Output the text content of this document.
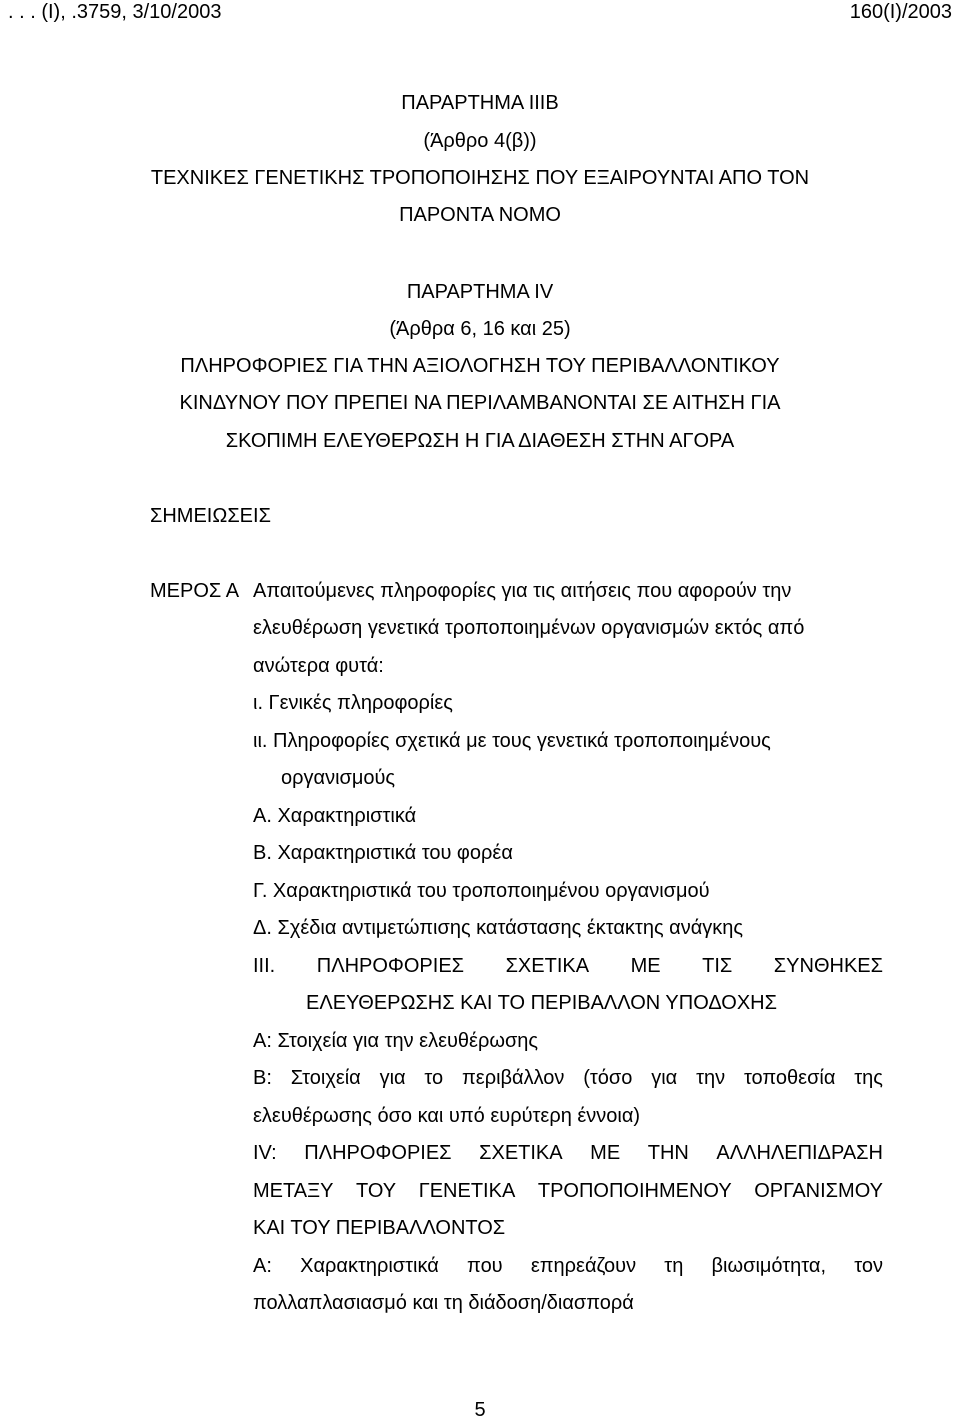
. . . (Ι), .3759, 3/10/2003	160(Ι)/2003
ΠΑΡΑΡΤΗΜΑ ΙΙΙΒ
(Άρθρο 4(β))
ΤΕΧΝΙΚΕΣ ΓΕΝΕΤΙΚΗΣ ΤΡΟΠΟΠΟΙΗΣΗΣ ΠΟΥ ΕΞΑΙΡΟΥΝΤΑΙ ΑΠΟ ΤΟΝ
ΠΑΡΟΝΤΑ ΝΟΜΟ
ΠΑΡΑΡΤΗΜΑ ΙV
(Άρθρα 6, 16 και 25)
ΠΛΗΡΟΦΟΡΙΕΣ ΓΙΑ ΤΗΝ ΑΞΙΟΛΟΓΗΣΗ ΤΟΥ ΠΕΡΙΒΑΛΛΟΝΤΙΚΟΥ
ΚΙΝΔΥΝΟΥ ΠΟΥ ΠΡΕΠΕΙ ΝΑ ΠΕΡΙΛΑΜΒΑΝΟΝΤΑΙ ΣΕ ΑΙΤΗΣΗ ΓΙΑ
ΣΚΟΠΙΜΗ ΕΛΕΥΘΕΡΩΣΗ Η ΓΙΑ ΔΙΑΘΕΣΗ ΣΤΗΝ ΑΓΟΡΑ
ΣΗΜΕΙΩΣΕΙΣ
ΜΕΡΟΣ Α Απαιτούμενες πληροφορίες για τις αιτήσεις που αφορούν την
ελευθέρωση γενετικά τροποποιημένων οργανισμών εκτός από
ανώτερα φυτά:
ι. Γενικές πληροφορίες
ιι. Πληροφορίες σχετικά με τους γενετικά τροποποιημένους
οργανισμούς
Α. Χαρακτηριστικά
Β. Χαρακτηριστικά του φορέα
Γ. Χαρακτηριστικά του τροποποιημένου οργανισμού
Δ. Σχέδια αντιμετώπισης κατάστασης έκτακτης ανάγκης
ΙΙΙ. ΠΛΗΡΟΦΟΡΙΕΣ ΣΧΕΤΙΚΑ ΜΕ ΤΙΣ ΣΥΝΘΗΚΕΣ
ΕΛΕΥΘΕΡΩΣΗΣ ΚΑΙ ΤΟ ΠΕΡΙΒΑΛΛΟΝ ΥΠΟΔΟΧΗΣ
Α: Στοιχεία για την ελευθέρωσης
Β: Στοιχεία για το περιβάλλον (τόσο για την τοποθεσία της
ελευθέρωσης όσο και υπό ευρύτερη έννοια)
ΙV: ΠΛΗΡΟΦΟΡΙΕΣ ΣΧΕΤΙΚΑ ΜΕ ΤΗΝ ΑΛΛΗΛΕΠΙΔΡΑΣΗ
ΜΕΤΑΞΥ ΤΟΥ ΓΕΝΕΤΙΚΑ ΤΡΟΠΟΠΟΙΗΜΕΝΟΥ ΟΡΓΑΝΙΣΜΟΥ
ΚΑΙ ΤΟΥ ΠΕΡΙΒΑΛΛΟΝΤΟΣ
Α: Χαρακτηριστικά που επηρεάζουν τη βιωσιμότητα, τον
πολλαπλασιασμό και τη διάδοση/διασπορά
5
